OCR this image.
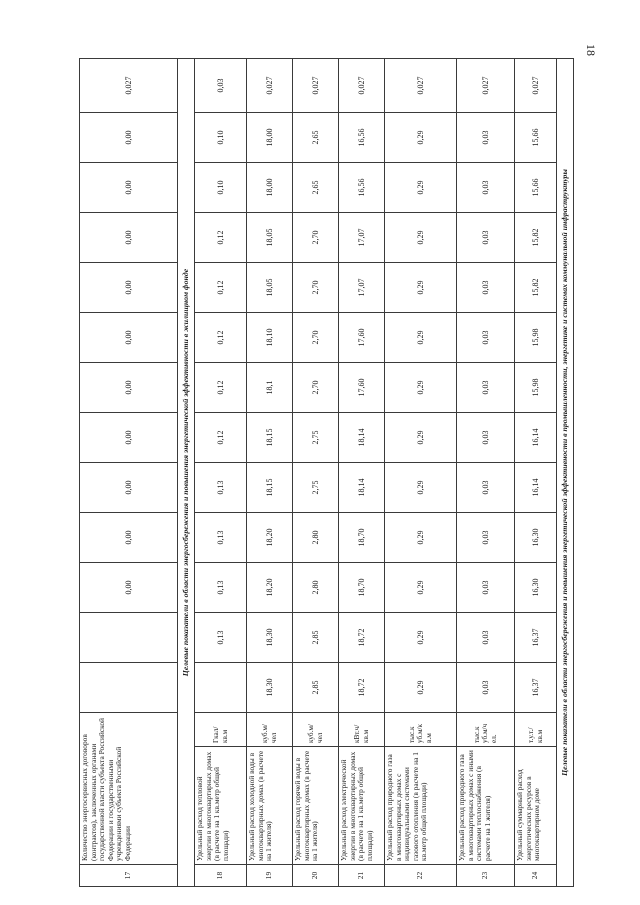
18
17	Количество энергосервисных договоров (контрактов), заключенных органами государственной власти субъекта Российской Федерации и государственными учреждениями субъекта Российской Федерации				0,00	0,00	0,00	0,00	0,00	0,00	0,00	0,00	0,00	0,00	0,027
Целевые показатели в области энергосбережения и повышения энергетической эффективности в жилищном фонде															
18	Удельный расход тепловой энергии в многоквартирных домах (в расчете на 1 кв.метр общей площади)	Гкал/ кв.м		0,13	0,13	0,13	0,13	0,12	0,12	0,12	0,12	0,12	0,10	0,10	0,03
19	Удельный расход холодной воды в многоквартирных домах (в расчете на 1 жителя)	куб.м/ чел	18,30	18,30	18,20	18,20	18,15	18,15	18,1	18,10	18,05	18,05	18,00	18,00	0,027
20	Удельный расход горячей воды в многоквартирных домах (в расчете на 1 жителя)	куб.м/ чел	2,85	2,85	2,80	2,80	2,75	2,75	2,70	2,70	2,70	2,70	2,65	2,65	0,027
21	Удельный расход электрической энергии в многоквартирных домах (в расчете на 1 кв.метр общей площади)	кВт.ч/ кв.м	18,72	18,72	18,70	18,70	18,14	18,14	17,60	17,60	17,07	17,07	16,56	16,56	0,027
22	Удельный расход природного газа в многоквартирных домах с индивидуальными системами газового отопления (в расчете на 1 кв.метр общей площади)	тыс.к уб.м/к в.м	0,29	0,29	0,29	0,29	0,29	0,29	0,29	0,29	0,29	0,29	0,29	0,29	0,027
23	Удельный расход природного газа в многоквартирных домах с иными системами теплоснабжения (в расчете на 1 жителя)	тыс.к уб.м/ч ел.	0,03	0,03	0,03	0,03	0,03	0,03	0,03	0,03	0,03	0,03	0,03	0,03	0,027
24	Удельный суммарный расход энергетических ресурсов в многоквартирном доме	т.у.т./ кв.м	16,37	16,37	16,30	16,30	16,14	16,14	15,98	15,98	15,82	15,82	15,66	15,66	0,027
Целевые показатели в области энергосбережения и повышения энергетической эффективности в промышленности, энергетике и системах коммунальной инфраструктуры															
